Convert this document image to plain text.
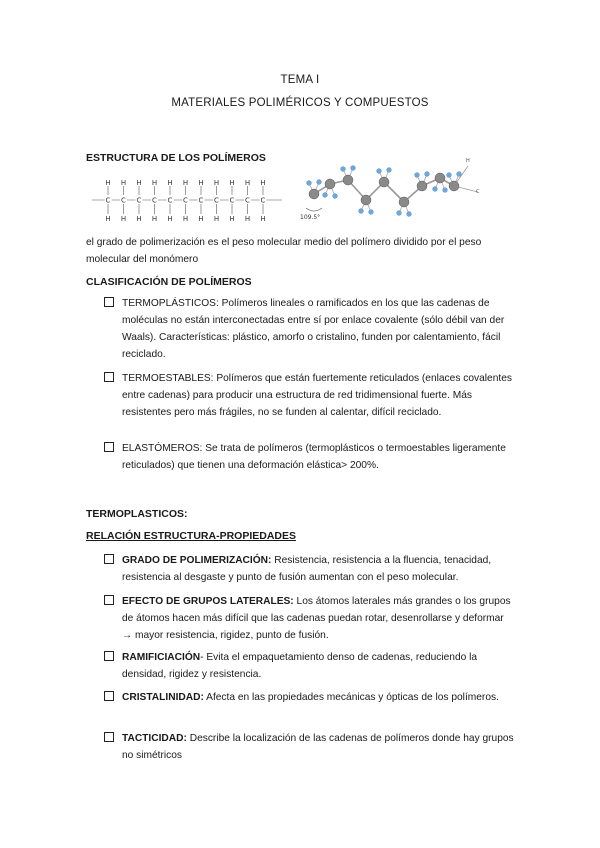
TEMA I
MATERIALES POLIMÉRICOS Y COMPUESTOS
ESTRUCTURA DE LOS POLÍMEROS
H
C
H
H
C
H
H
C
H
H
C
H
H
C
H
H
C
H
H
C
H
H
C
H
H
C
H
H
C
H
H
C
H	109.5°
H
C
el grado de polimerización es el peso molecular medio del polímero dividido por el peso molecular del monómero
CLASIFICACIÓN DE POLÍMEROS
TERMOPLÁSTICOS: Polímeros lineales o ramificados en los que las cadenas de moléculas no están interconectadas entre sí por enlace covalente (sólo débil van der Waals). Características: plástico, amorfo o cristalino, funden por calentamiento, fácil reciclado.
TERMOESTABLES: Polímeros que están fuertemente reticulados (enlaces covalentes entre cadenas) para producir una estructura de red tridimensional fuerte. Más resistentes pero más frágiles, no se funden al calentar, difícil reciclado.
ELASTÓMEROS: Se trata de polímeros (termoplásticos o termoestables ligeramente reticulados) que tienen una deformación elástica> 200%.
TERMOPLASTICOS:
RELACIÓN ESTRUCTURA-PROPIEDADES
GRADO DE POLIMERIZACIÓN: Resistencia, resistencia a la fluencia, tenacidad, resistencia al desgaste y punto de fusión aumentan con el peso molecular.
EFECTO DE GRUPOS LATERALES: Los átomos laterales más grandes o los grupos de átomos hacen más difícil que las cadenas puedan rotar, desenrollarse y deformar → mayor resistencia, rigidez, punto de fusión.
RAMIFICIACIÓN- Evita el empaquetamiento denso de cadenas, reduciendo la densidad, rigidez y resistencia.
CRISTALINIDAD: Afecta en las propiedades mecánicas y ópticas de los polímeros.
TACTICIDAD: Describe la localización de las cadenas de polímeros donde hay grupos no simétricos
